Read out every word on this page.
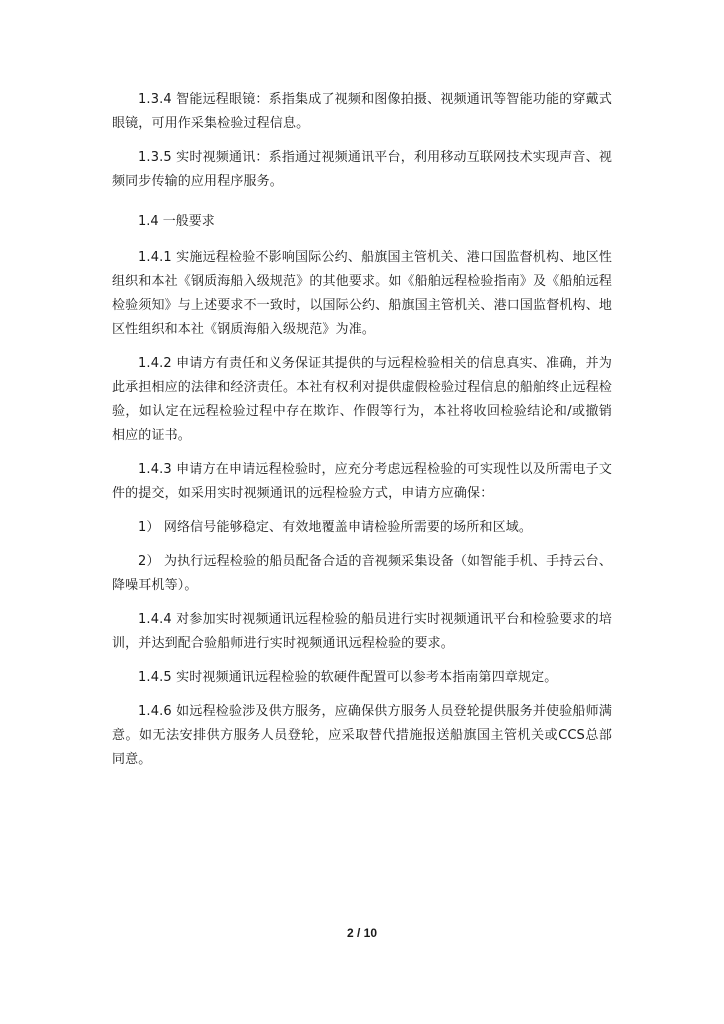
1.3.4 智能远程眼镜：系指集成了视频和图像拍摄、视频通讯等智能功能的穿戴式眼镜，可用作采集检验过程信息。

1.3.5 实时视频通讯：系指通过视频通讯平台，利用移动互联网技术实现声音、视频同步传输的应用程序服务。

1.4 一般要求

1.4.1 实施远程检验不影响国际公约、船旗国主管机关、港口国监督机构、地区性组织和本社《钢质海船入级规范》的其他要求。如《船舶远程检验指南》及《船舶远程检验须知》与上述要求不一致时，以国际公约、船旗国主管机关、港口国监督机构、地区性组织和本社《钢质海船入级规范》为准。

1.4.2 申请方有责任和义务保证其提供的与远程检验相关的信息真实、准确，并为此承担相应的法律和经济责任。本社有权利对提供虚假检验过程信息的船舶终止远程检验，如认定在远程检验过程中存在欺诈、作假等行为，本社将收回检验结论和/或撤销相应的证书。

1.4.3 申请方在申请远程检验时，应充分考虑远程检验的可实现性以及所需电子文件的提交，如采用实时视频通讯的远程检验方式，申请方应确保：

1） 网络信号能够稳定、有效地覆盖申请检验所需要的场所和区域。

2） 为执行远程检验的船员配备合适的音视频采集设备（如智能手机、手持云台、降噪耳机等）。

1.4.4 对参加实时视频通讯远程检验的船员进行实时视频通讯平台和检验要求的培训，并达到配合验船师进行实时视频通讯远程检验的要求。

1.4.5 实时视频通讯远程检验的软硬件配置可以参考本指南第四章规定。

1.4.6 如远程检验涉及供方服务，应确保供方服务人员登轮提供服务并使验船师满意。如无法安排供方服务人员登轮，应采取替代措施报送船旗国主管机关或CCS总部同意。

2 / 10
